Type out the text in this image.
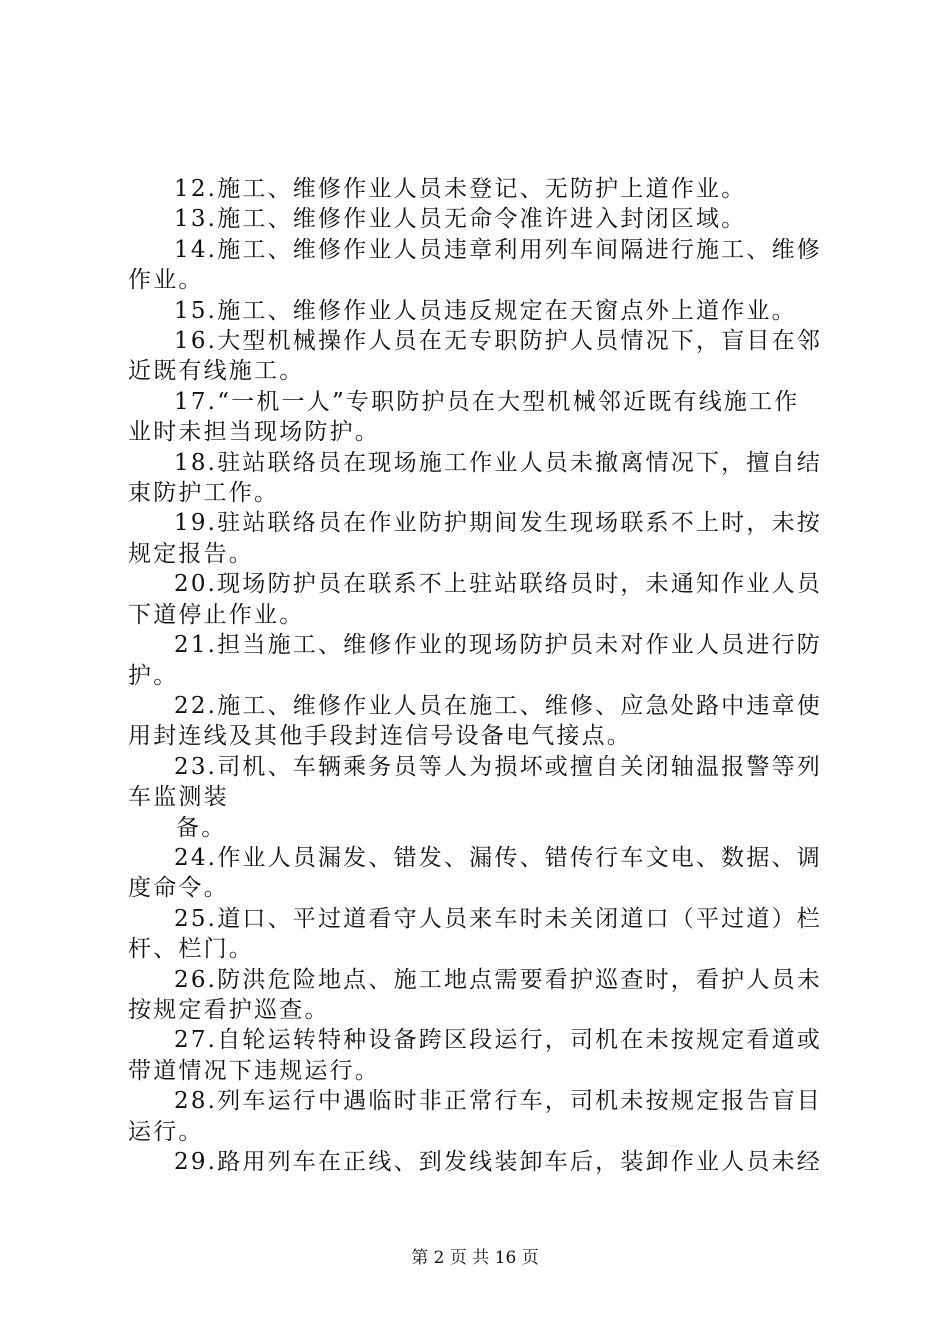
12.施工、维修作业人员未登记、无防护上道作业。
13.施工、维修作业人员无命令准许进入封闭区域。
14.施工、维修作业人员违章利用列车间隔进行施工、维修
作业。
15.施工、维修作业人员违反规定在天窗点外上道作业。
16.大型机械操作人员在无专职防护人员情况下，盲目在邻
近既有线施工。
17.“一机一人”专职防护员在大型机械邻近既有线施工作
业时未担当现场防护。
18.驻站联络员在现场施工作业人员未撤离情况下，擅自结
束防护工作。
19.驻站联络员在作业防护期间发生现场联系不上时，未按
规定报告。
20.现场防护员在联系不上驻站联络员时，未通知作业人员
下道停止作业。
21.担当施工、维修作业的现场防护员未对作业人员进行防
护。
22.施工、维修作业人员在施工、维修、应急处路中违章使
用封连线及其他手段封连信号设备电气接点。
23.司机、车辆乘务员等人为损坏或擅自关闭轴温报警等列
车监测装
备。
24.作业人员漏发、错发、漏传、错传行车文电、数据、调
度命令。
25.道口、平过道看守人员来车时未关闭道口（平过道）栏
杆、栏门。
26.防洪危险地点、施工地点需要看护巡查时，看护人员未
按规定看护巡查。
27.自轮运转特种设备跨区段运行，司机在未按规定看道或
带道情况下违规运行。
28.列车运行中遇临时非正常行车，司机未按规定报告盲目
运行。
29.路用列车在正线、到发线装卸车后，装卸作业人员未经
第 2 页 共 16 页
